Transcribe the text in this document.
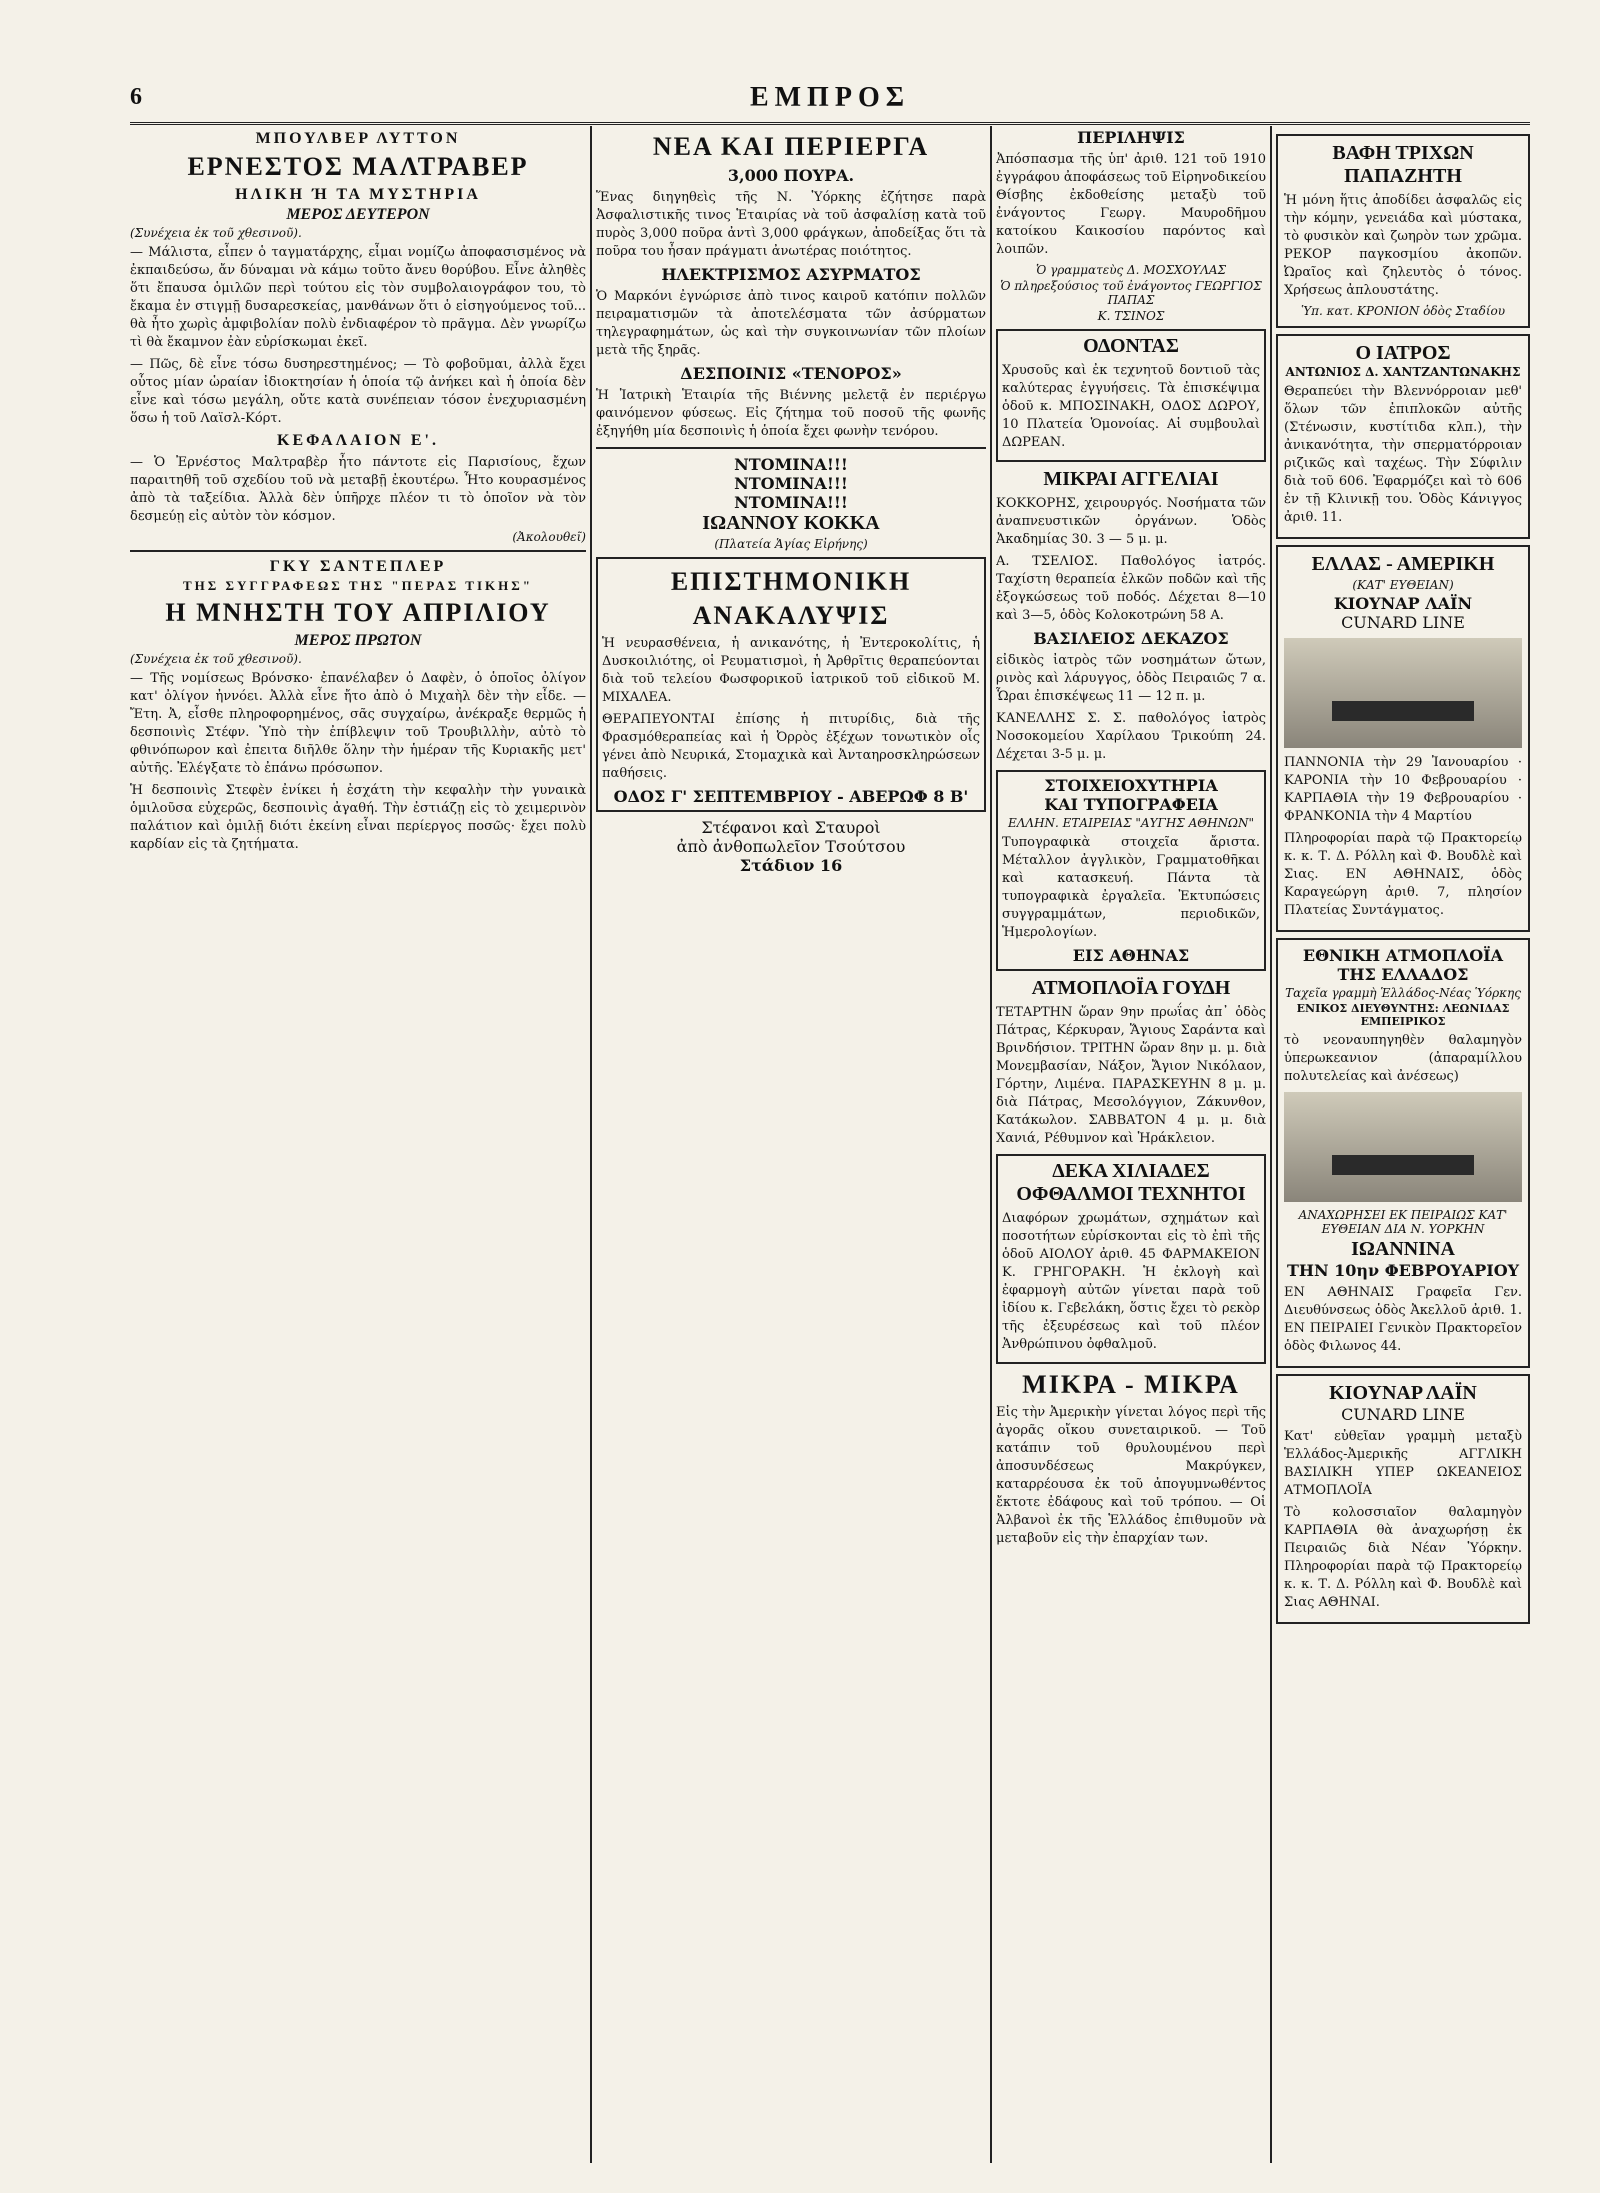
6	ΕΜΠΡΟΣ
ΜΠΟΥΛΒΕΡ ΛΥΤΤΟΝ
ΕΡΝΕΣΤΟΣ ΜΑΛΤΡΑΒΕΡ
ΗΛΙΚΗ Ή ΤΑ ΜΥΣΤΗΡΙΑ
ΜΕΡΟΣ ΔΕΥΤΕΡΟΝ
(Συνέχεια ἐκ τοῦ χθεσινοῦ).

— Μάλιστα, εἶπεν ὁ ταγματάρχης, εἶμαι νομίζω ἀποφασισμένος νὰ ἐκπαιδεύσω, ἄν δύναμαι νὰ κάμω τοῦτο ἄνευ θορύβου. Εἶνε ἀληθὲς ὅτι ἔπαυσα ὁμιλῶν περὶ τούτου εἰς τὸν συμβολαιογράφον του, τὸ ἔκαμα ἐν στιγμῇ δυσαρεσκείας, μανθάνων ὅτι ὁ εἰσηγούμενος τοῦ... θὰ ἦτο χωρὶς ἀμφιβολίαν πολὺ ἐνδιαφέρον τὸ πρᾶγμα. Δὲν γνωρίζω τὶ θὰ ἔκαμνον ἐὰν εὑρίσκωμαι ἐκεῖ.

— Πῶς, δὲ εἶνε τόσω δυσηρεστημένος; — Τὸ φοβοῦμαι, ἀλλὰ ἔχει οὗτος μίαν ὡραίαν ἰδιοκτησίαν ἡ ὁποία τῷ ἀνήκει καὶ ἡ ὁποία δὲν εἶνε καὶ τόσω μεγάλη, οὔτε κατὰ συνέπειαν τόσον ἐνεχυριασμένη ὅσω ἡ τοῦ Λαϊσλ-Κόρτ.

ΚΕΦΑΛΑΙΟΝ Ε'.

— Ὁ Ἐρνέστος Μαλτραβὲρ ἦτο πάντοτε εἰς Παρισίους, ἔχων παραιτηθῆ τοῦ σχεδίου τοῦ νὰ μεταβῇ ἐκουτέρω. Ἦτο κουρασμένος ἀπὸ τὰ ταξείδια. Ἀλλὰ δὲν ὑπῆρχε πλέον τι τὸ ὁποῖον νὰ τὸν δεσμεύῃ εἰς αὐτὸν τὸν κόσμον.

(Ἀκολουθεῖ)
ΓΚΥ ΣΑΝΤΕΠΛΕΡ
ΤΗΣ ΣΥΓΓΡΑΦΕΩΣ ΤΗΣ "ΠΕΡΑΣ ΤΙΚΗΣ"
Η ΜΝΗΣΤΗ ΤΟΥ ΑΠΡΙΛΙΟΥ
ΜΕΡΟΣ ΠΡΩΤΟΝ
(Συνέχεια ἐκ τοῦ χθεσινοῦ).

— Τῆς νομίσεως Βρόνσκο· ἐπανέλαβεν ὁ Δαφὲν, ὁ ὁποῖος ὀλίγον κατ' ὀλίγον ἠννόει. Ἀλλὰ εἶνε ἤτο ἀπὸ ὁ Μιχαὴλ δὲν τὴν εἶδε. — Ἔτη. Ἀ, εἶσθε πληροφορημένος, σᾶς συγχαίρω, ἀνέκραξε θερμῶς ἡ δεσποινὶς Στέφν. Ὑπὸ τὴν ἐπίβλεψιν τοῦ Τρουβιλλὴν, αὐτὸ τὸ φθινόπωρον καὶ ἐπειτα διῆλθε ὅλην τὴν ἡμέραν τῆς Κυριακῆς μετ' αὐτῆς. Ἐλέγξατε τὸ ἐπάνω πρόσωπον.

Ἡ δεσποινὶς Στεφὲν ἐνίκει ἡ ἐσχάτη τὴν κεφαλὴν τὴν γυναικὰ ὁμιλοῦσα εὐχερῶς, δεσποινὶς ἀγαθή. Τὴν ἐστιάζῃ εἰς τὸ χειμερινὸν παλάτιον καὶ ὁμιλῇ διότι ἐκείνη εἶναι περίεργος ποσῶς· ἔχει πολὺ καρδίαν εἰς τὰ ζητήματα.

ΝΕΑ ΚΑΙ ΠΕΡΙΕΡΓΑ
3,000 ΠΟΥΡΑ.

Ἕνας διηγηθεὶς τῆς Ν. Ὑόρκης ἐζήτησε παρὰ Ἀσφαλιστικῆς τινος Ἑταιρίας νὰ τοῦ ἀσφαλίσῃ κατὰ τοῦ πυρὸς 3,000 ποῦρα ἀντὶ 3,000 φράγκων, ἀποδείξας ὅτι τὰ ποῦρα του ἦσαν πράγματι ἀνωτέρας ποιότητος.

ΗΛΕΚΤΡΙΣΜΟΣ ΑΣΥΡΜΑΤΟΣ

Ὁ Μαρκόνι ἐγνώρισε ἀπὸ τινος καιροῦ κατόπιν πολλῶν πειραματισμῶν τὰ ἀποτελέσματα τῶν ἀσύρματων τηλεγραφημάτων, ὡς καὶ τὴν συγκοινωνίαν τῶν πλοίων μετὰ τῆς ξηρᾶς.

ΔΕΣΠΟΙΝΙΣ «ΤΕΝΟΡΟΣ»

Ἡ Ἰατρικὴ Ἑταιρία τῆς Βιέννης μελετᾷ ἐν περιέργω φαινόμενον φύσεως. Εἰς ζήτημα τοῦ ποσοῦ τῆς φωνῆς ἐξηγήθη μία δεσποινὶς ἡ ὁποία ἔχει φωνὴν τενόρου.

ΝΤΟΜΙΝΑ!!!
ΝΤΟΜΙΝΑ!!!
ΝΤΟΜΙΝΑ!!!
ΙΩΑΝΝΟΥ ΚΟΚΚΑ
(Πλατεία Ἁγίας Εἰρήνης)
ΕΠΙΣΤΗΜΟΝΙΚΗ
ΑΝΑΚΑΛΥΨΙΣ

Ἡ νευρασθένεια, ἡ ανικανότης, ἡ Ἐντεροκολίτις, ἡ Δυσκοιλιότης, οἱ Ρευματισμοὶ, ἡ Ἀρθρῖτις θεραπεύονται διὰ τοῦ τελείου Φωσφορικοῦ ἰατρικοῦ τοῦ εἰδικοῦ Μ. ΜΙΧΑΛΕΑ.

ΘΕΡΑΠΕΥΟΝΤΑΙ ἐπίσης ἡ πιτυρίδις, διὰ τῆς Φρασμόθεραπείας καὶ ἡ Ὀρρὸς ἐξέχων τονωτικὸν οἷς γένει ἀπὸ Νευρικά, Στομαχικὰ καὶ Ἀνταηροσκληρώσεων παθήσεις.

ΟΔΟΣ Γ' ΣΕΠΤΕΜΒΡΙΟΥ - ΑΒΕΡΩΦ 8 Β'
Στέφανοι καὶ Σταυροὶ
ἀπὸ ἀνθοπωλεῖον Τσούτσου
Στάδιον 16
ΠΕΡΙΛΗΨΙΣ

Ἀπόσπασμα τῆς ὑπ' ἀριθ. 121 τοῦ 1910 ἐγγράφου ἀποφάσεως τοῦ Εἰρηνοδικείου Θίσβης ἐκδοθείσης μεταξὺ τοῦ ἐνάγοντος Γεωργ. Μαυροδῆμου κατοίκου Καικοσίου παρόντος καὶ λοιπῶν.

Ὁ γραμματεὺς Δ. ΜΟΣΧΟΥΛΑΣ
Ὁ πληρεξούσιος τοῦ ἐνάγοντος ΓΕΩΡΓΙΟΣ ΠΑΠΑΣ
Κ. ΤΣΙΝΟΣ
ΟΔΟΝΤΑΣ

Χρυσοῦς καὶ ἐκ τεχνητοῦ δοντιοῦ τὰς καλύτερας ἐγγυήσεις. Τὰ ἐπισκέψιμα ὁδοῦ κ. ΜΠΟΣΙΝΑΚΗ, ΟΔΟΣ ΔΩΡΟΥ, 10 Πλατεία Ὁμονοίας. Αἱ συμβουλαὶ ΔΩΡΕΑΝ.

ΜΙΚΡΑΙ ΑΓΓΕΛΙΑΙ

ΚΟΚΚΟΡΗΣ, χειρουργός. Νοσήματα τῶν ἀναπνευστικῶν ὀργάνων. Ὁδὸς Ἀκαδημίας 30. 3 — 5 μ. μ.

Α. ΤΣΕΛΙΟΣ. Παθολόγος ἰατρός. Ταχίστη θεραπεία ἑλκῶν ποδῶν καὶ τῆς ἐξογκώσεως τοῦ ποδός. Δέχεται 8—10 καὶ 3—5, ὁδὸς Κολοκοτρώνη 58 Α.

ΒΑΣΙΛΕΙΟΣ ΔΕΚΑΖΟΣ

εἰδικὸς ἰατρὸς τῶν νοσημάτων ὤτων, ρινὸς καὶ λάρυγγος, ὁδὸς Πειραιῶς 7 α. Ὧραι ἐπισκέψεως 11 — 12 π. μ.

ΚΑΝΕΛΛΗΣ Σ. Σ. παθολόγος ἰατρὸς Νοσοκομείου Χαρίλαου Τρικούπη 24. Δέχεται 3-5 μ. μ.

ΣΤΟΙΧΕΙΟΧΥΤΗΡΙΑ
ΚΑΙ ΤΥΠΟΓΡΑΦΕΙΑ
ΕΛΛΗΝ. ΕΤΑΙΡΕΙΑΣ "ΑΥΓΗΣ ΑΘΗΝΩΝ"

Τυπογραφικὰ στοιχεῖα ἄριστα. Μέταλλον ἀγγλικὸν, Γραμματοθῆκαι καὶ κατασκευή. Πάντα τὰ τυπογραφικὰ ἐργαλεῖα. Ἐκτυπώσεις συγγραμμάτων, περιοδικῶν, Ἡμερολογίων.

ΕΙΣ ΑΘΗΝΑΣ
ΑΤΜΟΠΛΟΪΑ ΓΟΥΔΗ

ΤΕΤΑΡΤΗΝ ὥραν 9ην πρωΐας ἀπ᾽ ὁδὸς Πάτρας, Κέρκυραν, Ἅγιους Σαράντα καὶ Βρινδήσιον. ΤΡΙΤΗΝ ὥραν 8ην μ. μ. διὰ Μονεμβασίαν, Νάξον, Ἄγιον Νικόλαον, Γόρτην, Λιμένα. ΠΑΡΑΣΚΕΥΗΝ 8 μ. μ. διὰ Πάτρας, Μεσολόγγιον, Ζάκυνθον, Κατάκωλον. ΣΑΒΒΑΤΟΝ 4 μ. μ. διὰ Χανιά, Ρέθυμνον καὶ Ἡράκλειον.

ΔΕΚΑ ΧΙΛΙΑΔΕΣ
ΟΦΘΑΛΜΟΙ ΤΕΧΝΗΤΟΙ

Διαφόρων χρωμάτων, σχημάτων καὶ ποσοτήτων εὑρίσκονται εἰς τὸ ἐπὶ τῆς ὁδοῦ ΑΙΟΛΟΥ ἀριθ. 45 ΦΑΡΜΑΚΕΙΟΝ Κ. ΓΡΗΓΟΡΑΚΗ. Ἡ ἐκλογὴ καὶ ἐφαρμογὴ αὐτῶν γίνεται παρὰ τοῦ ἰδίου κ. Γεβελάκη, ὅστις ἔχει τὸ ρεκὸρ τῆς ἐξευρέσεως καὶ τοῦ πλέον Ἀνθρώπινου ὀφθαλμοῦ.

ΜΙΚΡΑ - ΜΙΚΡΑ

Εἰς τὴν Ἀμερικὴν γίνεται λόγος περὶ τῆς ἀγορᾶς οἴκου συνεταιρικοῦ. — Τοῦ κατάπιν τοῦ θρυλουμένου περὶ ἀποσυνδέσεως Μακρύγκεν, καταρρέουσα ἐκ τοῦ ἀπογυμνωθέντος ἔκτοτε ἐδάφους καὶ τοῦ τρόπου. — Οἱ Ἀλβανοὶ ἐκ τῆς Ἑλλάδος ἐπιθυμοῦν νὰ μεταβοῦν εἰς τὴν ἐπαρχίαν των.

ΒΑΦΗ ΤΡΙΧΩΝ
ΠΑΠΑΖΗΤΗ

Ἡ μόνη ἥτις ἀποδίδει ἀσφαλῶς εἰς τὴν κόμην, γενειάδα καὶ μύστακα, τὸ φυσικὸν καὶ ζωηρὸν των χρῶμα. ΡΕΚΟΡ παγκοσμίου ἀκοπῶν. Ὠραῖος καὶ ζηλευτὸς ὁ τόνος. Χρήσεως ἀπλουστάτης.

Ὑπ. κατ. ΚΡΟΝΙΟΝ ὁδὸς Σταδίου
Ο ΙΑΤΡΟΣ
ΑΝΤΩΝΙΟΣ Δ. ΧΑΝΤΖΑΝΤΩΝΑΚΗΣ

Θεραπεύει τὴν Βλεννόρροιαν μεθ' ὅλων τῶν ἐπιπλοκῶν αὐτῆς (Στένωσιν, κυστίτιδα κλπ.), τὴν ἀνικανότητα, τὴν σπερματόρροιαν ριζικῶς καὶ ταχέως. Τὴν Σύφιλιν διὰ τοῦ 606. Ἐφαρμόζει καὶ τὸ 606 ἐν τῇ Κλινικῇ του. Ὁδὸς Κάνιγγος ἀριθ. 11.

ΕΛΛΑΣ - ΑΜΕΡΙΚΗ
(ΚΑΤ' ΕΥΘΕΙΑΝ)
ΚΙΟΥΝΑΡ ΛΑΪΝ
CUNARD LINE

ΠΑΝΝΟΝΙΑ τὴν 29 Ἰανουαρίου · ΚΑΡΟΝΙΑ τὴν 10 Φεβρουαρίου · ΚΑΡΠΑΘΙΑ τὴν 19 Φεβρουαρίου · ΦΡΑΝΚΟΝΙΑ τὴν 4 Μαρτίου

Πληροφορίαι παρὰ τῷ Πρακτορείῳ κ. κ. Τ. Δ. Ρόλλη καὶ Φ. Βουδλὲ καὶ Σιας. ΕΝ ΑΘΗΝΑΙΣ, ὁδὸς Καραγεώργη ἀριθ. 7, πλησίον Πλατείας Συντάγματος.

ΕΘΝΙΚΗ ΑΤΜΟΠΛΟΪΑ ΤΗΣ ΕΛΛΑΔΟΣ
Ταχεῖα γραμμὴ Ἑλλάδος-Νέας Ὑόρκης
ΕΝΙΚΟΣ ΔΙΕΥΘΥΝΤΗΣ: ΛΕΩΝΙΔΑΣ ΕΜΠΕΙΡΙΚΟΣ

τὸ νεοναυπηγηθὲν θαλαμηγὸν ὑπερωκεανιον (ἀπαραμίλλου πολυτελείας καὶ ἀνέσεως)

ΑΝΑΧΩΡΗΣΕΙ ΕΚ ΠΕΙΡΑΙΩΣ ΚΑΤ' ΕΥΘΕΙΑΝ ΔΙΑ Ν. ΥΟΡΚΗΝ
ΙΩΑΝΝΙΝΑ
ΤΗΝ 10ην ΦΕΒΡΟΥΑΡΙΟΥ

ΕΝ ΑΘΗΝΑΙΣ Γραφεῖα Γεν. Διευθύνσεως ὁδὸς Ἀκελλοῦ ἀριθ. 1. ΕΝ ΠΕΙΡΑΙΕΙ Γενικὸν Πρακτορεῖον ὁδὸς Φιλωνος 44.

ΚΙΟΥΝΑΡ ΛΑΪΝ
CUNARD LINE

Κατ' εὐθεῖαν γραμμὴ μεταξὺ Ἑλλάδος-Ἀμερικῆς ΑΓΓΛΙΚΗ ΒΑΣΙΛΙΚΗ ΥΠΕΡ ΩΚΕΑΝΕΙΟΣ ΑΤΜΟΠΛΟΪΑ

Τὸ κολοσσιαῖον θαλαμηγὸν ΚΑΡΠΑΘΙΑ θὰ ἀναχωρήσῃ ἐκ Πειραιῶς διὰ Νέαν Ὑόρκην. Πληροφορίαι παρὰ τῷ Πρακτορείῳ κ. κ. Τ. Δ. Ρόλλη καὶ Φ. Βουδλὲ καὶ Σιας ΑΘΗΝΑΙ.
